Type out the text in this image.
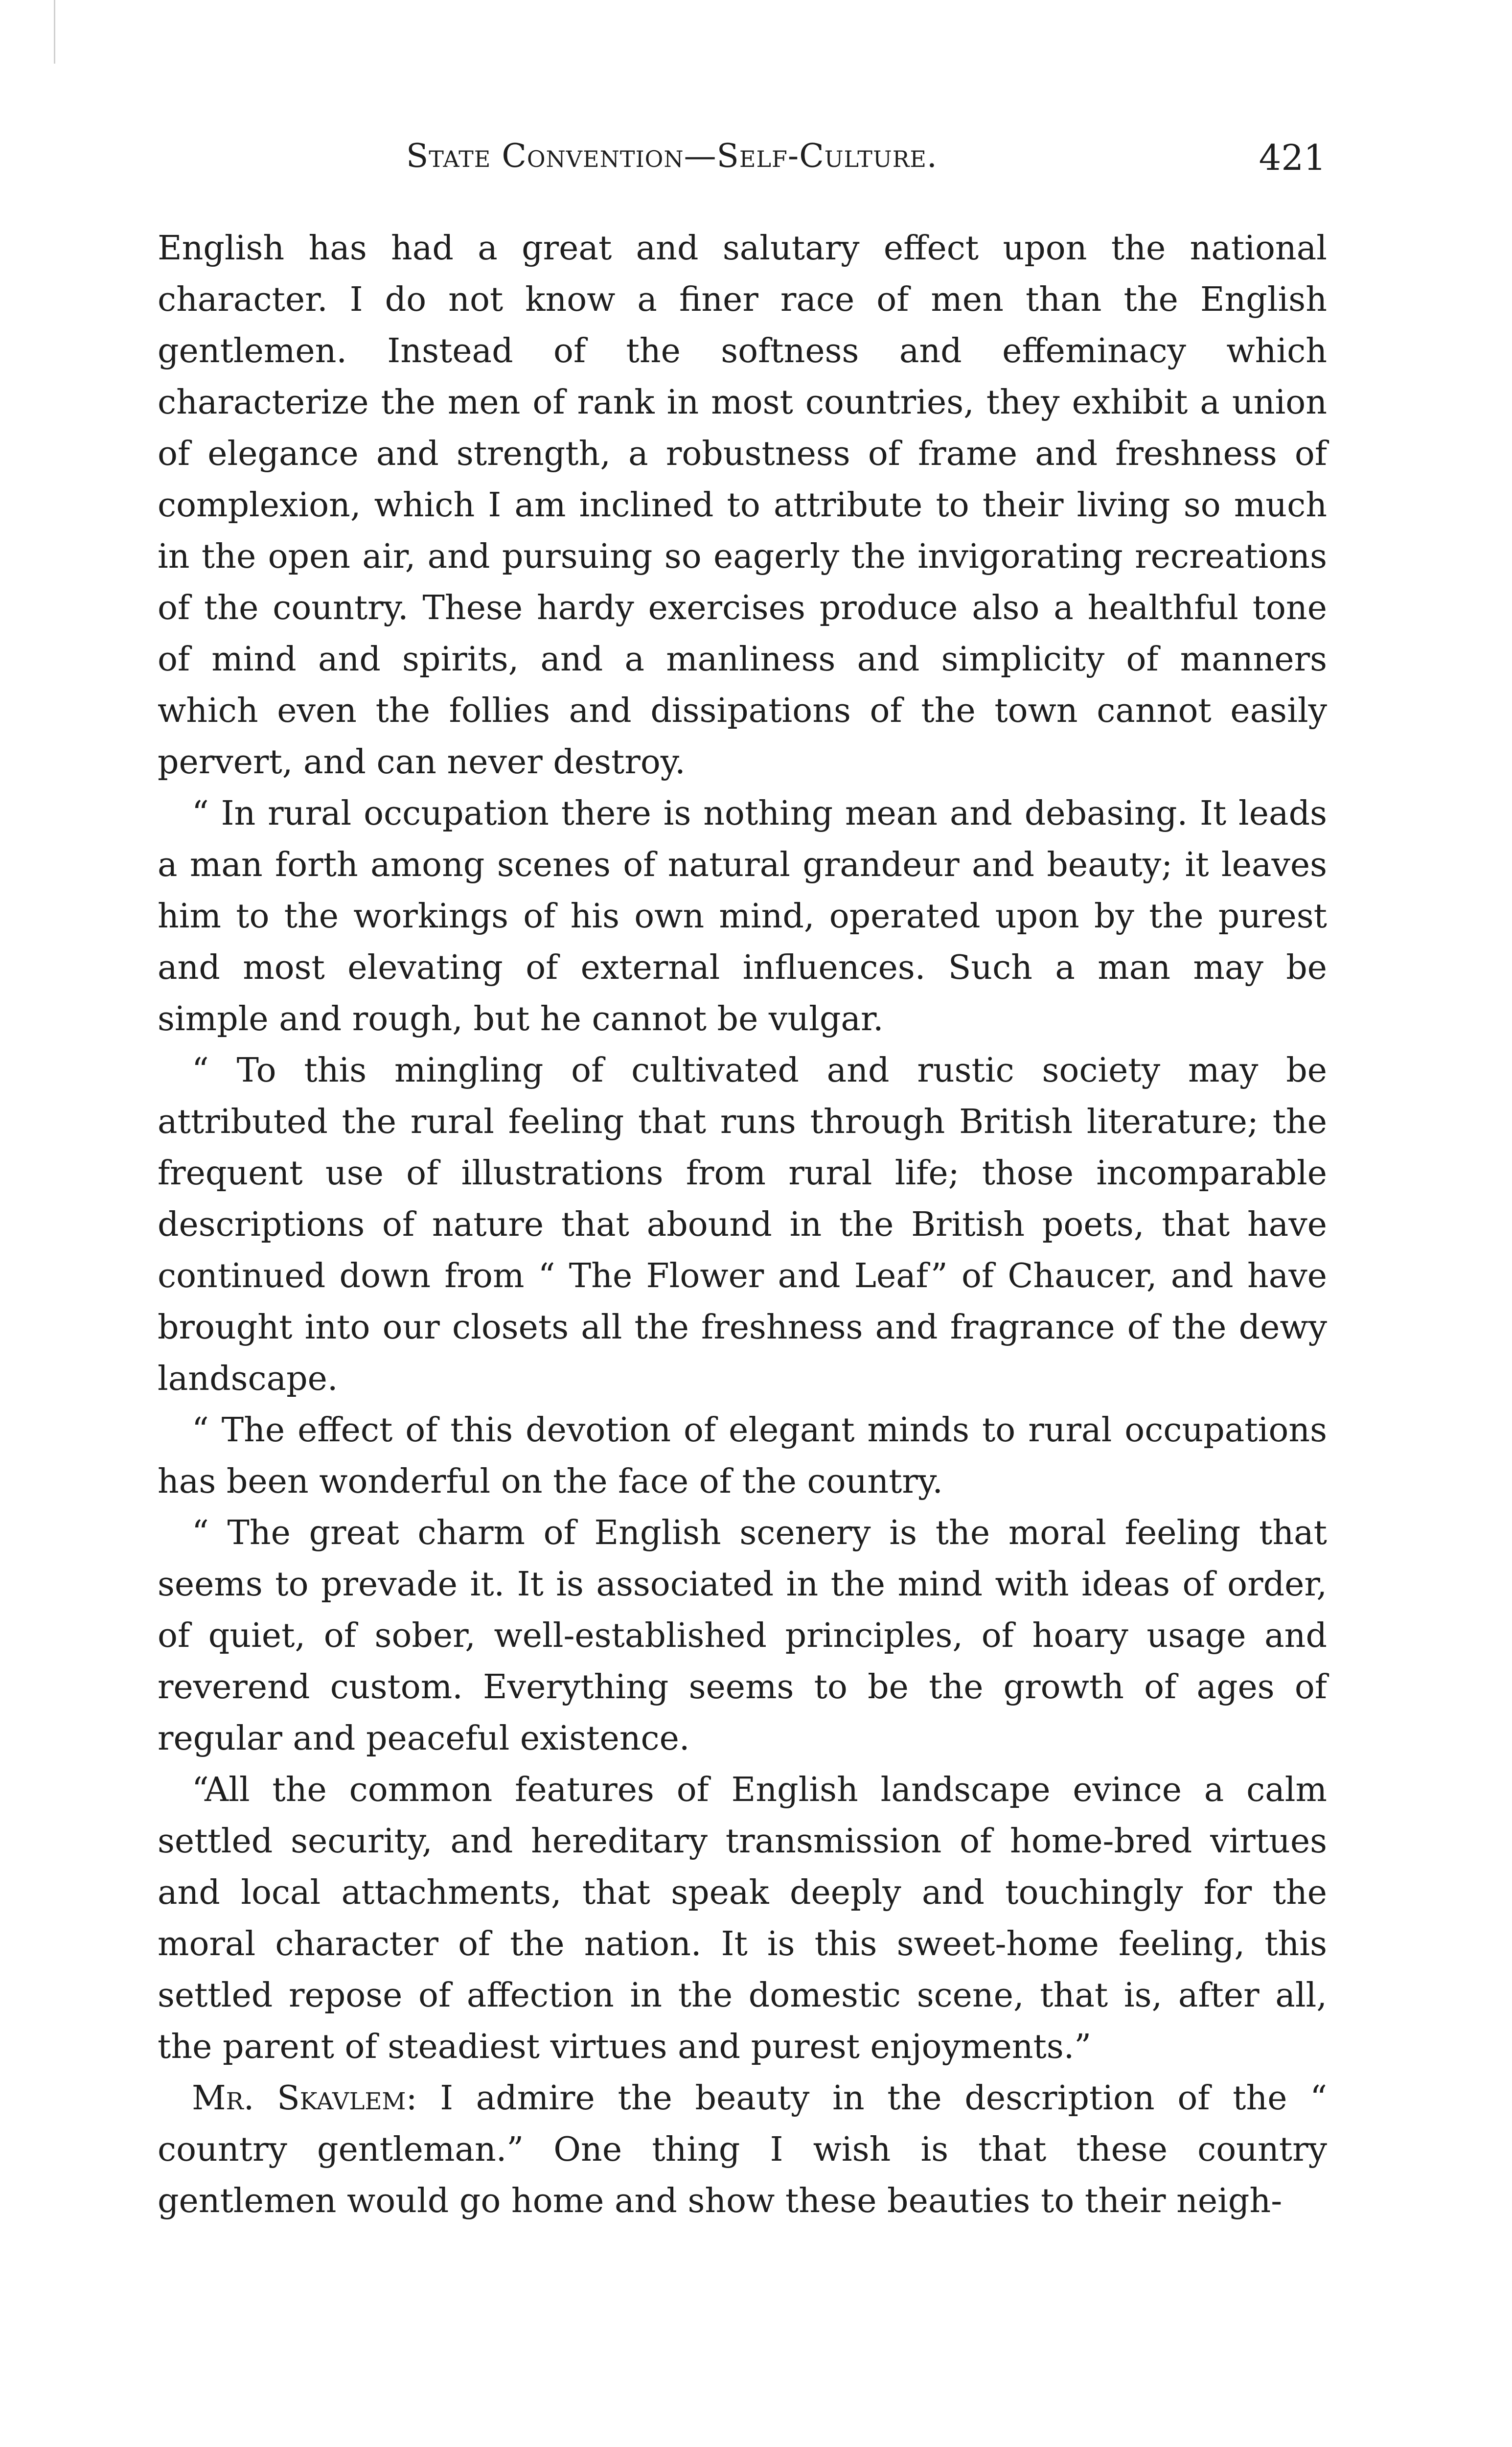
State Convention—Self-Culture.	421

English has had a great and salutary effect upon the national character. I do not know a finer race of men than the English gentlemen. Instead of the softness and effeminacy which characterize the men of rank in most countries, they exhibit a union of elegance and strength, a robustness of frame and freshness of complexion, which I am inclined to attribute to their living so much in the open air, and pursuing so eagerly the invigorating recreations of the country. These hardy exercises produce also a healthful tone of mind and spirits, and a manliness and simplicity of manners which even the follies and dissipations of the town cannot easily pervert, and can never destroy.

“ In rural occupation there is nothing mean and debasing. It leads a man forth among scenes of natural grandeur and beauty; it leaves him to the workings of his own mind, operated upon by the purest and most elevating of external influences. Such a man may be simple and rough, but he cannot be vulgar.

“ To this mingling of cultivated and rustic society may be attributed the rural feeling that runs through British literature; the frequent use of illustrations from rural life; those incomparable descriptions of nature that abound in the British poets, that have continued down from “ The Flower and Leaf” of Chaucer, and have brought into our closets all the freshness and fragrance of the dewy landscape.

“ The effect of this devotion of elegant minds to rural occupations has been wonderful on the face of the country.

“ The great charm of English scenery is the moral feeling that seems to prevade it. It is associated in the mind with ideas of order, of quiet, of sober, well-established principles, of hoary usage and reverend custom. Everything seems to be the growth of ages of regular and peaceful existence.

“All the common features of English landscape evince a calm settled security, and hereditary transmission of home-bred virtues and local attachments, that speak deeply and touchingly for the moral character of the nation. It is this sweet-home feeling, this settled repose of affection in the domestic scene, that is, after all, the parent of steadiest virtues and purest enjoyments.”

Mr. Skavlem: I admire the beauty in the description of the “ country gentleman.” One thing I wish is that these country gentlemen would go home and show these beauties to their neigh-
